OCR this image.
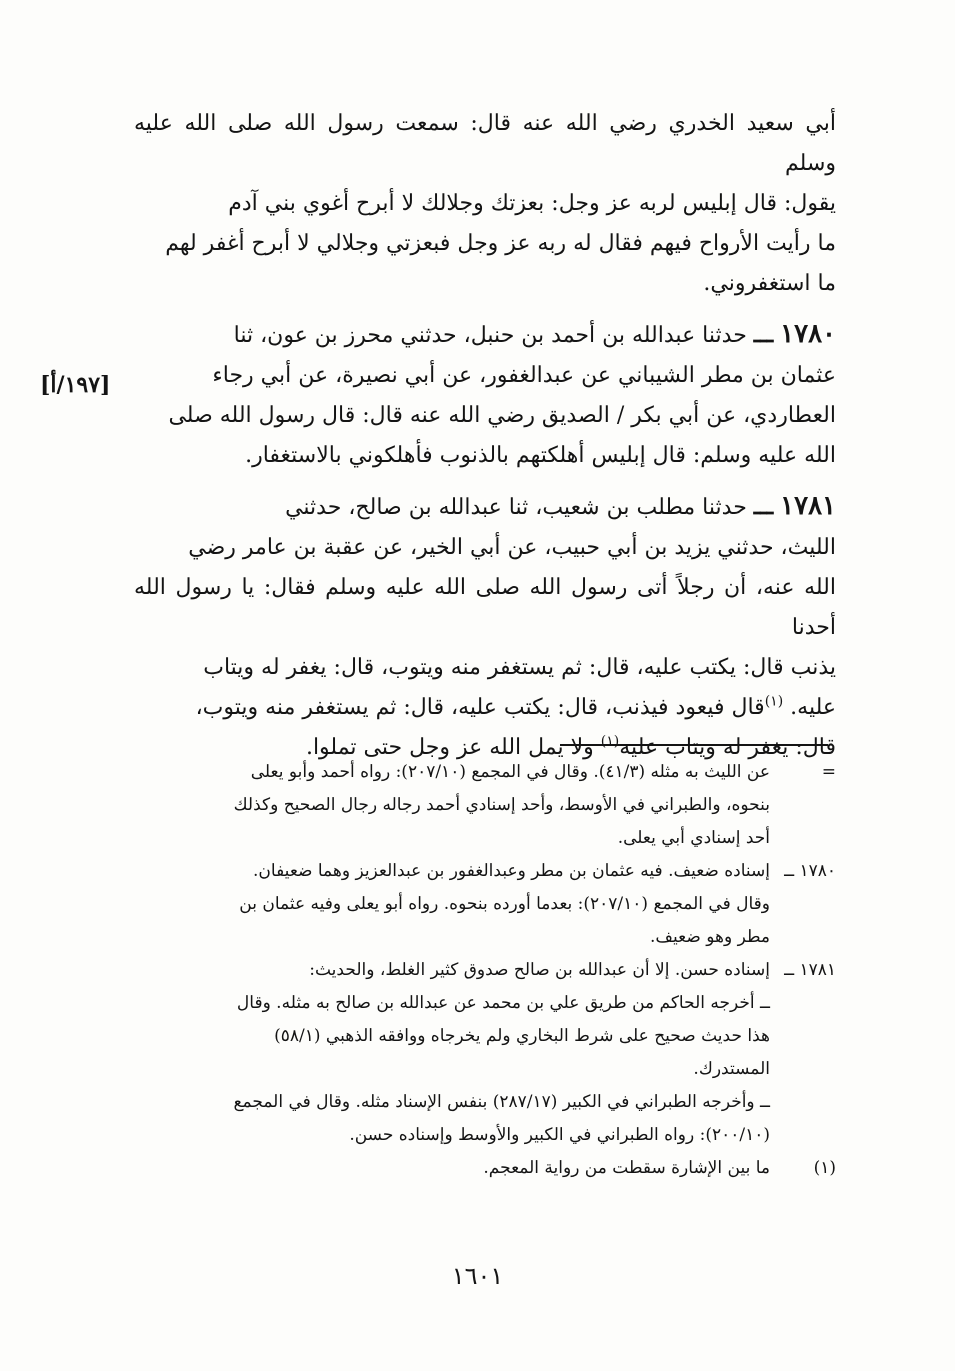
أبي سعيد الخدري رضي الله عنه قال: سمعت رسول الله صلى الله عليه وسلم
يقول: قال إبليس لربه عز وجل: بعزتك وجلالك لا أبرح أغوي بني آدم
ما رأيت الأرواح فيهم فقال له ربه عز وجل فبعزتي وجلالي لا أبرح أغفر لهم
ما استغفروني.
١٧٨٠ ـــ حدثنا عبدالله بن أحمد بن حنبل، حدثني محرز بن عون، ثنا
عثمان بن مطر الشيباني عن عبدالغفور، عن أبي نصيرة، عن أبي رجاء
العطاردي، عن أبي بكر / الصديق رضي الله عنه قال: قال رسول الله صلى
الله عليه وسلم: قال إبليس أهلكتهم بالذنوب فأهلكوني بالاستغفار.
١٧٨١ ـــ حدثنا مطلب بن شعيب، ثنا عبدالله بن صالح، حدثني
الليث، حدثني يزيد بن أبي حبيب، عن أبي الخير، عن عقبة بن عامر رضي
الله عنه، أن رجلاً أتى رسول الله صلى الله عليه وسلم فقال: يا رسول الله أحدنا
يذنب قال: يكتب عليه، قال: ثم يستغفر منه ويتوب، قال: يغفر له ويتاب
عليه. $^{(١)}$قال فيعود فيذنب، قال: يكتب عليه، قال: ثم يستغفر منه ويتوب،
قال: يغفر له ويتاب عليه$^{(١)}$ ولا يمل الله عز وجل حتى تملوا.
[١٩٧/أ]
=
عن الليث به مثله (٤١/٣). وقال في المجمع (٢٠٧/١٠): رواه أحمد وأبو يعلى
بنحوه، والطبراني في الأوسط، وأحد إسنادي أحمد رجاله رجال الصحيح وكذلك
أحد إسنادي أبي يعلى.
١٧٨٠ ــ
إسناده ضعيف. فيه عثمان بن مطر وعبدالغفور بن عبدالعزيز وهما ضعيفان.
وقال في المجمع (٢٠٧/١٠): بعدما أورده بنحوه. رواه أبو يعلى وفيه عثمان بن
مطر وهو ضعيف.
١٧٨١ ــ
إسناده حسن. إلا أن عبدالله بن صالح صدوق كثير الغلط، والحديث:
ــ أخرجه الحاكم من طريق علي بن محمد عن عبدالله بن صالح به مثله. وقال
هذا حديث صحيح على شرط البخاري ولم يخرجاه ووافقه الذهبي (٥٨/١)
المستدرك.
ــ وأخرجه الطبراني في الكبير (٢٨٧/١٧) بنفس الإسناد مثله. وقال في المجمع
(٢٠٠/١٠): رواه الطبراني في الكبير والأوسط وإسناده حسن.
(١)
ما بين الإشارة سقطت من رواية المعجم.
١٦٠١
